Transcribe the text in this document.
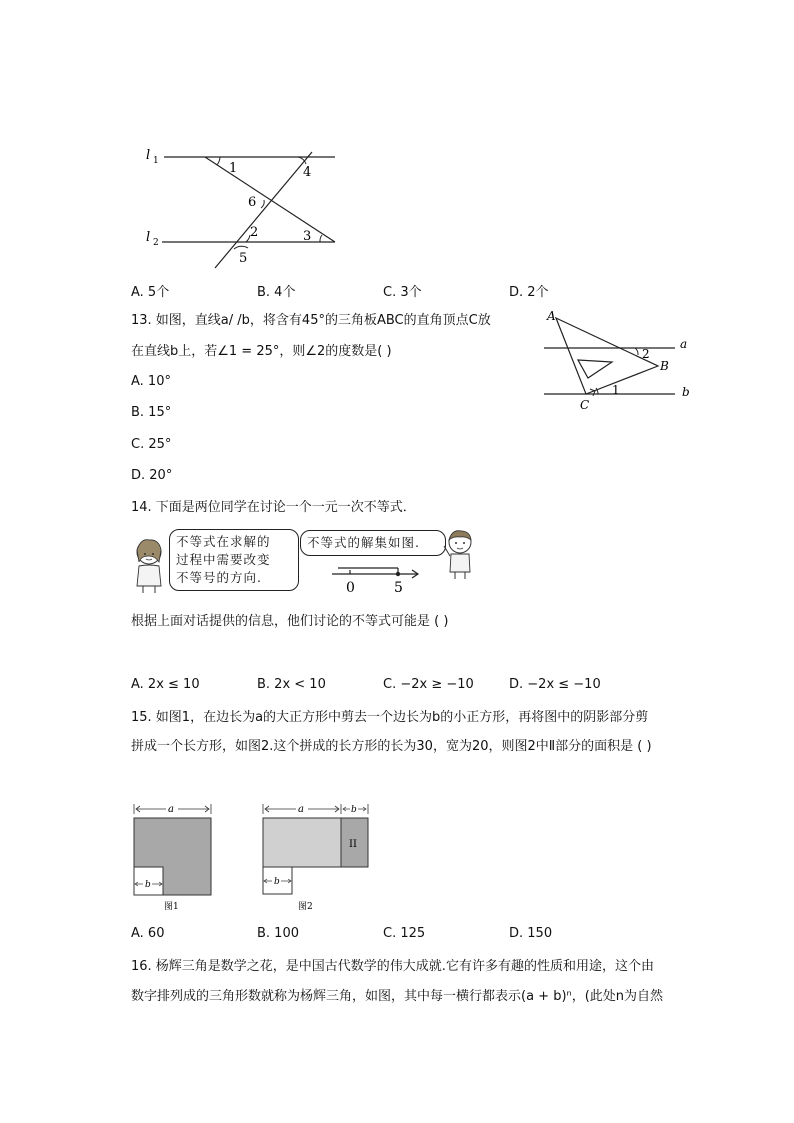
l 1
l 2
1	4
6
2	3
5
A. 5个	B. 4个	C. 3个	D. 2个
13. 如图，直线a/ /b，将含有45°的三角板ABC的直角顶点C放
在直线b上，若∠1 = 25°，则∠2的度数是( )
A. 10°
B. 15°
C. 25°
D. 20°
A
B
C
a
b
2
1
14. 下面是两位同学在讨论一个一元一次不等式．
不等式在求解的
过程中需要改变
不等号的方向.
不等式的解集如图.
0	5
根据上面对话提供的信息，他们讨论的不等式可能是 ( )
A. 2x ≤ 10	B. 2x < 10	C. −2x ≥ −10	D. −2x ≤ −10
15. 如图1，在边长为a的大正方形中剪去一个边长为b的小正方形，再将图中的阴影部分剪
拼成一个长方形，如图2.这个拼成的长方形的长为30，宽为20，则图2中Ⅱ部分的面积是 ( )
a
b
图1
a	b
II
b
图2
A. 60	B. 100	C. 125	D. 150
16. 杨辉三角是数学之花，是中国古代数学的伟大成就.它有许多有趣的性质和用途，这个由
数字排列成的三角形数就称为杨辉三角，如图，其中每一横行都表示(a + b)ⁿ，(此处n为自然
